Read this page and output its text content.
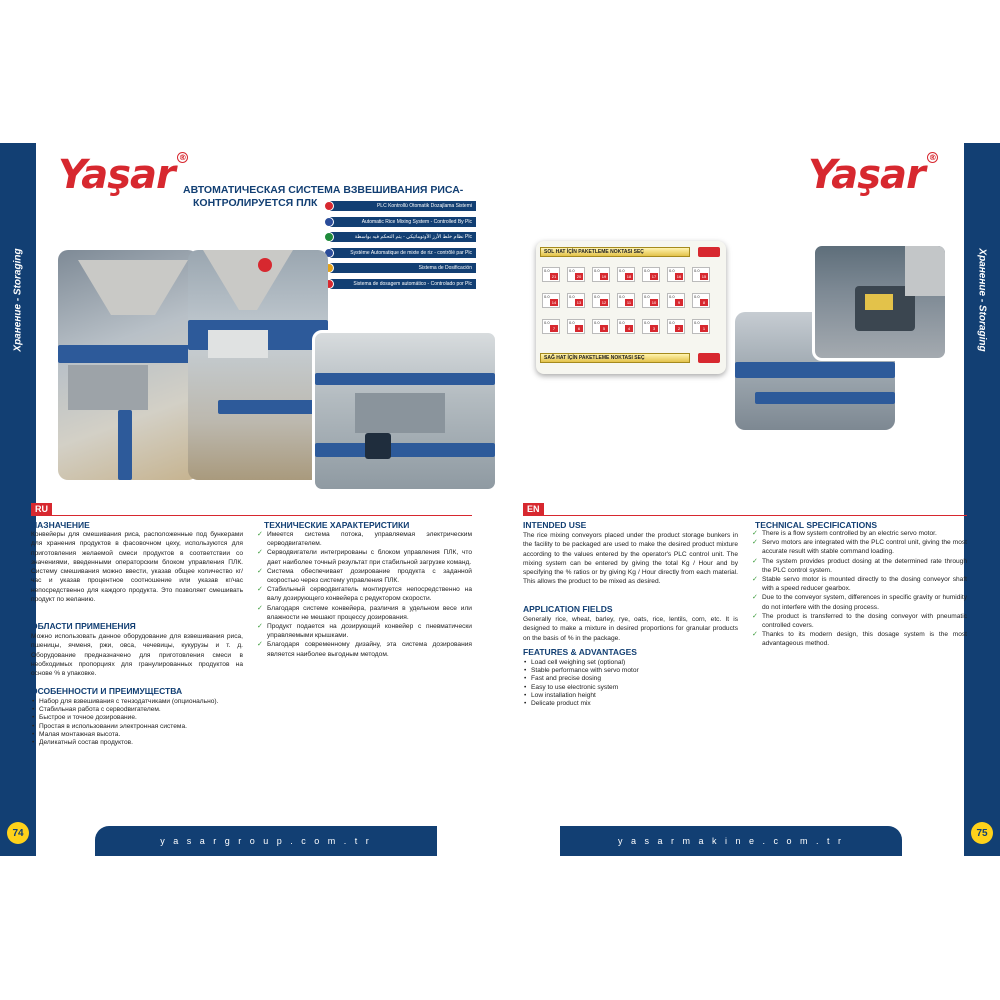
Хранение - Storaging	Хранение - Storaging
74	75
Yaşar ®	Yaşar ®
АВТОМАТИЧЕСКАЯ СИСТЕМА ВЗВЕШИВАНИЯ РИСА-
КОНТРОЛИРУЕТСЯ ПЛК	PLC Kontrollü Otomatik Dozajlama Sistemi
Automatic Rice Mixing System - Controlled By Plc
نظام خلط الأرز الأوتوماتيكي - يتم التحكم فيه بواسطة Plc
Système Automatique de mixte de riz - contrôlé par Plc
Sistema de Dosificación
Sistema de dosagem automático - Controlado por Plc
SOL HAT İÇİN PAKETLEME NOKTASI SEÇ
0.0
21
0.0
20
0.0
19
0.0
18
0.0
17
0.0
16
0.0
15
0.0
14
0.0
13
0.0
12
0.0
11
0.0
10
0.0
9
0.0
8
0.0
7
0.0
6
0.0
5
0.0
4
0.0
3
0.0
2
0.0
1
SAĞ HAT İÇİN PAKETLEME NOKTASI SEÇ
RU	EN
НАЗНАЧЕНИЕ
Конвейеры для смешивания риса, расположенные под бункерами для хранения продуктов в фасовочном цеху, используются для приготовления желаемой смеси продуктов в соответствии со значениями, введенными операторским блоком управления ПЛК. Систему смешивания можно ввести, указав общее количество кг/час и указав процентное соотношение или указав кг/час непосредственно для каждого продукта. Это позволяет смешивать продукт по желанию.
ОБЛАСТИ ПРИМЕНЕНИЯ
Можно использовать данное оборудование для взвешивания риса, пшеницы, ячменя, ржи, овса, чечевицы, кукурузы и т. д. Оборудование предназначено для приготовления смеси в необходимых пропорциях для гранулированных продуктов на основе % в упаковке.
ОСОБЕННОСТИ И ПРЕИМУЩЕСТВА
• Набор для взвешивания с тензодатчиками (опционально).
• Стабильная работа с сервodвигателем.
• Быстрое и точное дозирование.
• Простая в использовании электронная система.
• Малая монтажная высота.
• Деликатный состав продуктов.
ТЕХНИЧЕСКИЕ ХАРАКТЕРИСТИКИ
✓ Имеется система потока, управляемая электрическим серводвигателем.
✓ Серводвигатели интегрированы с блоком управления ПЛК, что дает наиболее точный результат при стабильной загрузке команд.
✓ Система обеспечивает дозирование продукта с заданной скоростью через систему управления ПЛК.
✓ Стабильный серводвигатель монтируется непосредственно на валу дозирующего конвейера с редуктором скорости.
✓ Благодаря системе конвейера, различия в удельном весе или влажности не мешают процессу дозирования.
✓ Продукт подается на дозирующий конвейер с пневматически управляемыми крышками.
✓ Благодаря современному дизайну, эта система дозирования является наиболее выгодным методом.
INTENDED USE
The rice mixing conveyors placed under the product storage bunkers in the facility to be packaged are used to make the desired product mixture according to the values entered by the operator's PLC control unit. The mixing system can be entered by giving the total Kg / Hour and by specifying the % ratios or by giving Kg / Hour directly from each material. This allows the product to be mixed as desired.
APPLICATION FIELDS
Generally rice, wheat, barley, rye, oats, rice, lentils, corn, etc. It is designed to make a mixture in desired proportions for granular products on the basis of % in the package.
FEATURES & ADVANTAGES
• Load cell weighing set (optional)
• Stable performance with servo motor
• Fast and precise dosing
• Easy to use electronic system
• Low installation height
• Delicate product mix
TECHNICAL SPECIFICATIONS
✓ There is a flow system controlled by an electric servo motor.
✓ Servo motors are integrated with the PLC control unit, giving the most accurate result with stable command loading.
✓ The system provides product dosing at the determined rate through the PLC control system.
✓ Stable servo motor is mounted directly to the dosing conveyor shaft with a speed reducer gearbox.
✓ Due to the conveyor system, differences in specific gravity or humidity do not interfere with the dosing process.
✓ The product is transferred to the dosing conveyor with pneumatic controlled covers.
✓ Thanks to its modern design, this dosage system is the most advantageous method.
y a s a r g r o u p . c o m . t r	y a s a r m a k i n e . c o m . t r
